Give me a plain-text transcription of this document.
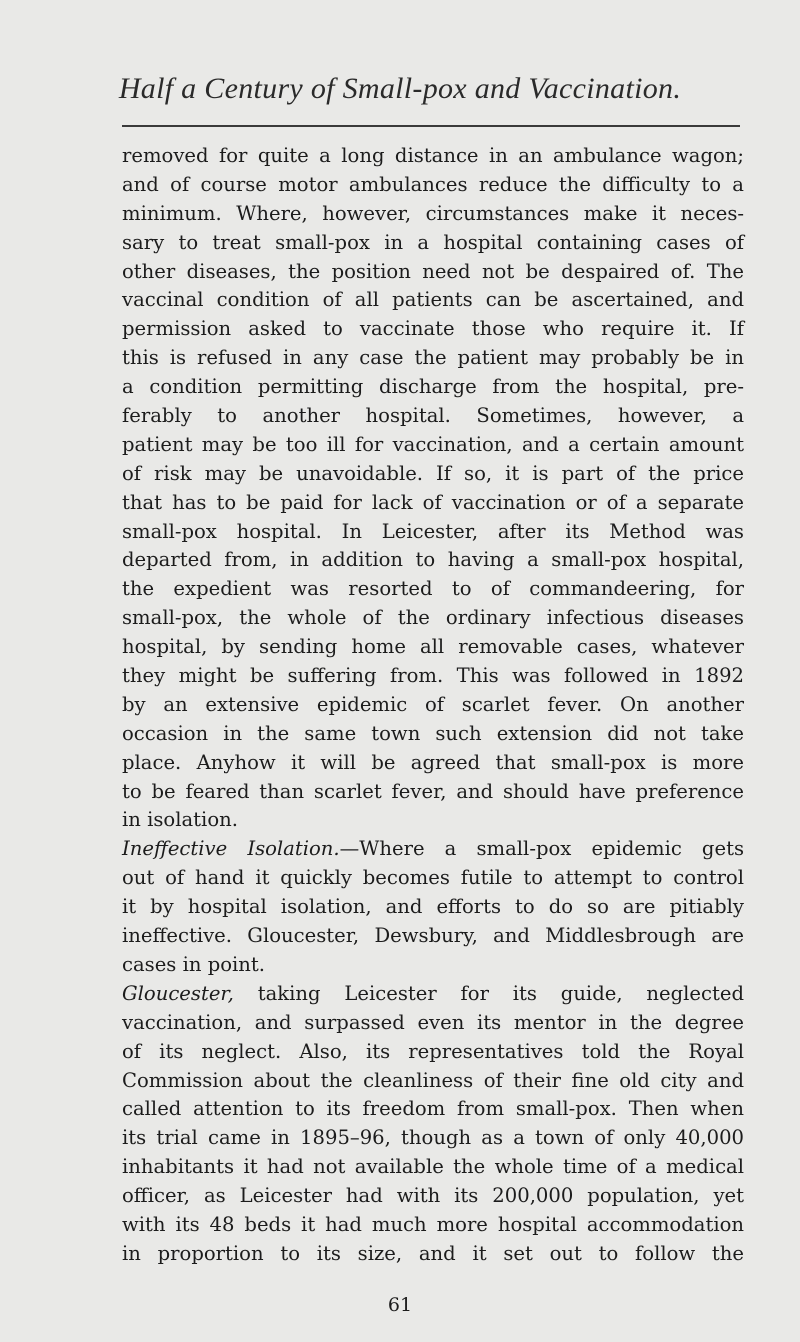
Half a Century of Small-pox and Vaccination.
removed for quite a long distance in an ambulance wagon;
and of course motor ambulances reduce the difficulty to a
minimum. Where, however, circumstances make it neces-
sary to treat small-pox in a hospital containing cases of
other diseases, the position need not be despaired of. The
vaccinal condition of all patients can be ascertained, and
permission asked to vaccinate those who require it. If
this is refused in any case the patient may probably be in
a condition permitting discharge from the hospital, pre-
ferably to another hospital. Sometimes, however, a
patient may be too ill for vaccination, and a certain amount
of risk may be unavoidable. If so, it is part of the price
that has to be paid for lack of vaccination or of a separate
small-pox hospital. In Leicester, after its Method was
departed from, in addition to having a small-pox hospital,
the expedient was resorted to of commandeering, for
small-pox, the whole of the ordinary infectious diseases
hospital, by sending home all removable cases, whatever
they might be suffering from. This was followed in 1892
by an extensive epidemic of scarlet fever. On another
occasion in the same town such extension did not take
place. Anyhow it will be agreed that small-pox is more
to be feared than scarlet fever, and should have preference
in isolation.
Ineffective Isolation.—Where a small-pox epidemic gets
out of hand it quickly becomes futile to attempt to control
it by hospital isolation, and efforts to do so are pitiably
ineffective. Gloucester, Dewsbury, and Middlesbrough are
cases in point.
Gloucester, taking Leicester for its guide, neglected
vaccination, and surpassed even its mentor in the degree
of its neglect. Also, its representatives told the Royal
Commission about the cleanliness of their fine old city and
called attention to its freedom from small-pox. Then when
its trial came in 1895–96, though as a town of only 40,000
inhabitants it had not available the whole time of a medical
officer, as Leicester had with its 200,000 population, yet
with its 48 beds it had much more hospital accommodation
in proportion to its size, and it set out to follow the
61
